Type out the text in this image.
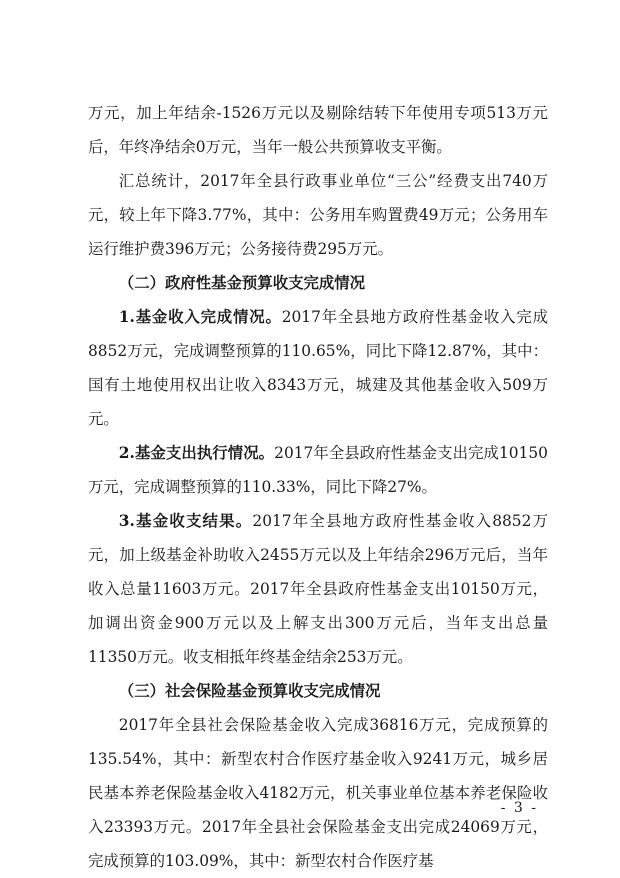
万元，加上年结余-1526万元以及剔除结转下年使用专项513万元后，年终净结余0万元，当年一般公共预算收支平衡。

汇总统计，2017年全县行政事业单位“三公”经费支出740万元，较上年下降3.77%，其中：公务用车购置费49万元；公务用车运行维护费396万元；公务接待费295万元。

（二）政府性基金预算收支完成情况

1.基金收入完成情况。2017年全县地方政府性基金收入完成8852万元，完成调整预算的110.65%，同比下降12.87%，其中：国有土地使用权出让收入8343万元，城建及其他基金收入509万元。

2.基金支出执行情况。2017年全县政府性基金支出完成10150万元，完成调整预算的110.33%，同比下降27%。

3.基金收支结果。2017年全县地方政府性基金收入8852万元，加上级基金补助收入2455万元以及上年结余296万元后，当年收入总量11603万元。2017年全县政府性基金支出10150万元，加调出资金900万元以及上解支出300万元后，当年支出总量11350万元。收支相抵年终基金结余253万元。

（三）社会保险基金预算收支完成情况

2017年全县社会保险基金收入完成36816万元，完成预算的135.54%，其中：新型农村合作医疗基金收入9241万元，城乡居民基本养老保险基金收入4182万元，机关事业单位基本养老保险收入23393万元。2017年全县社会保险基金支出完成24069万元，完成预算的103.09%，其中：新型农村合作医疗基

- 3 -
